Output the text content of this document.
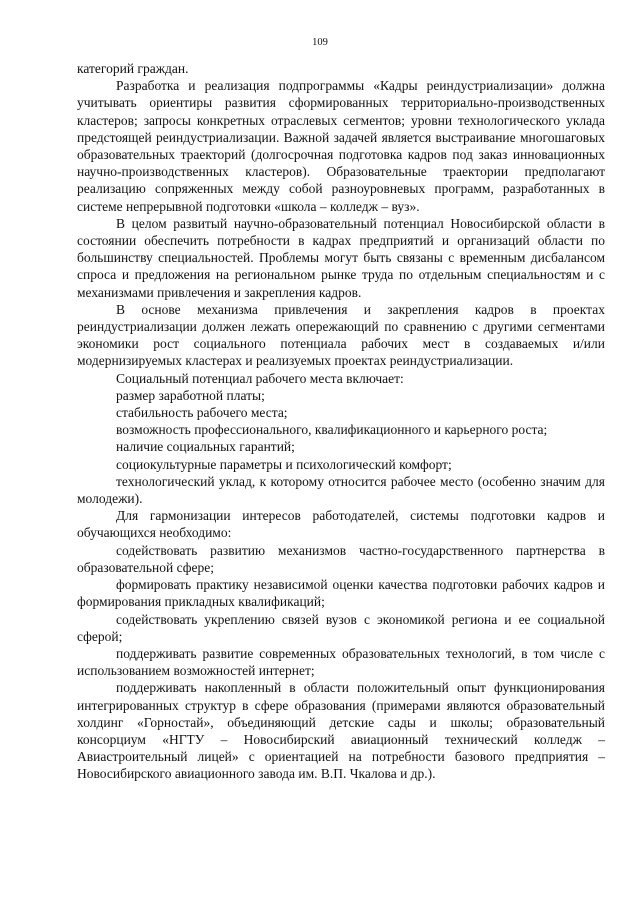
109

категорий граждан.

Разработка и реализация подпрограммы «Кадры реиндустриализации» должна учитывать ориентиры развития сформированных территориально-производственных кластеров; запросы конкретных отраслевых сегментов; уровни технологического уклада предстоящей реиндустриализации. Важной задачей является выстраивание многошаговых образовательных траекторий (долгосрочная подготовка кадров под заказ инновационных научно-производственных кластеров). Образовательные траектории предполагают реализацию сопряженных между собой разноуровневых программ, разработанных в системе непрерывной подготовки «школа – колледж – вуз».

В целом развитый научно-образовательный потенциал Новосибирской области в состоянии обеспечить потребности в кадрах предприятий и организаций области по большинству специальностей. Проблемы могут быть связаны с временным дисбалансом спроса и предложения на региональном рынке труда по отдельным специальностям и с механизмами привлечения и закрепления кадров.

В основе механизма привлечения и закрепления кадров в проектах реиндустриализации должен лежать опережающий по сравнению с другими сегментами экономики рост социального потенциала рабочих мест в создаваемых и/или модернизируемых кластерах и реализуемых проектах реиндустриализации.

Социальный потенциал рабочего места включает:

размер заработной платы;

стабильность рабочего места;

возможность профессионального, квалификационного и карьерного роста;

наличие социальных гарантий;

социокультурные параметры и психологический комфорт;

технологический уклад, к которому относится рабочее место (особенно значим для молодежи).

Для гармонизации интересов работодателей, системы подготовки кадров и обучающихся необходимо:

содействовать развитию механизмов частно-государственного партнерства в образовательной сфере;

формировать практику независимой оценки качества подготовки рабочих кадров и формирования прикладных квалификаций;

содействовать укреплению связей вузов с экономикой региона и ее социальной сферой;

поддерживать развитие современных образовательных технологий, в том числе с использованием возможностей интернет;

поддерживать накопленный в области положительный опыт функционирования интегрированных структур в сфере образования (примерами являются образовательный холдинг «Горностай», объединяющий детские сады и школы; образовательный консорциум «НГТУ – Новосибирский авиационный технический колледж – Авиастроительный лицей» с ориентацией на потребности базового предприятия – Новосибирского авиационного завода им. В.П. Чкалова и др.).
